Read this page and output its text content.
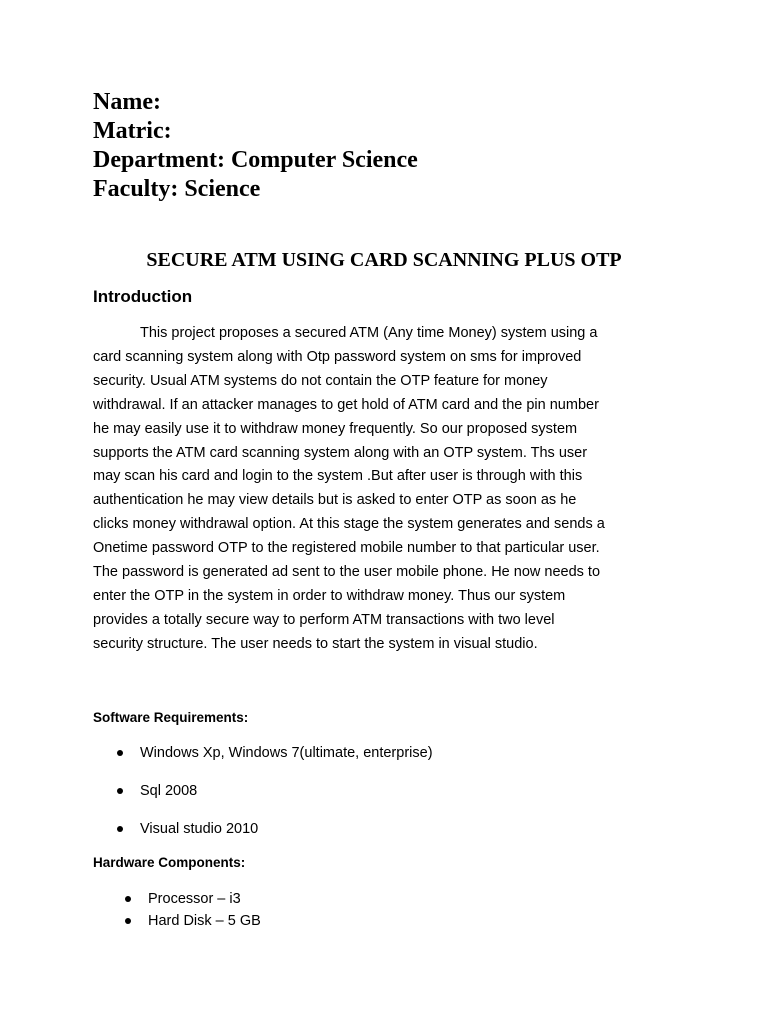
Name:
Matric:
Department: Computer Science
Faculty: Science
SECURE ATM USING CARD SCANNING PLUS OTP
Introduction

This project proposes a secured ATM (Any time Money) system using a
card scanning system along with Otp password system on sms for improved
security. Usual ATM systems do not contain the OTP feature for money
withdrawal. If an attacker manages to get hold of ATM card and the pin number
he may easily use it to withdraw money frequently. So our proposed system
supports the ATM card scanning system along with an OTP system. Ths user
may scan his card and login to the system .But after user is through with this
authentication he may view details but is asked to enter OTP as soon as he
clicks money withdrawal option. At this stage the system generates and sends a
Onetime password OTP to the registered mobile number to that particular user.
The password is generated ad sent to the user mobile phone. He now needs to
enter the OTP in the system in order to withdraw money. Thus our system
provides a totally secure way to perform ATM transactions with two level
security structure. The user needs to start the system in visual studio.

Software Requirements:
Windows Xp, Windows 7(ultimate, enterprise)
Sql 2008
Visual studio 2010
Hardware Components:
Processor – i3
Hard Disk – 5 GB
